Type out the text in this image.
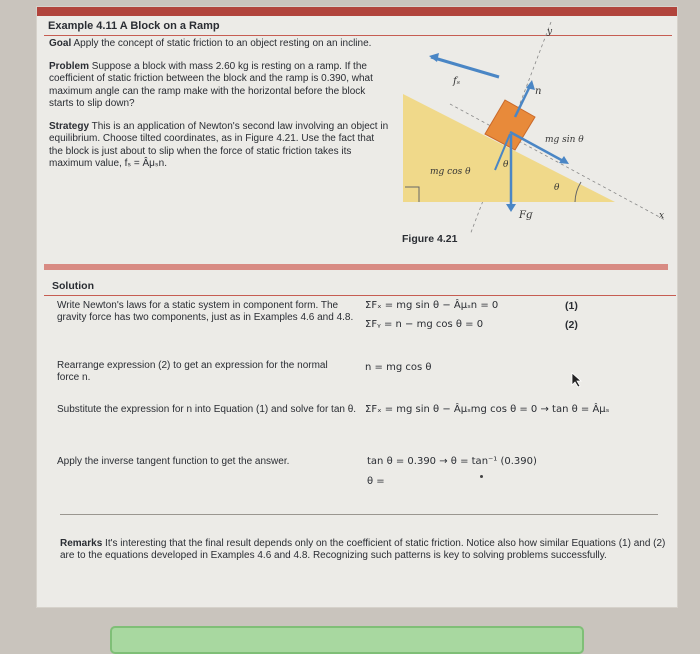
Example 4.11 A Block on a Ramp

Goal Apply the concept of static friction to an object resting on an incline.

Problem Suppose a block with mass 2.60 kg is resting on a ramp. If the coefficient of static friction between the block and the ramp is 0.390, what maximum angle can the ramp make with the horizontal before the block starts to slip down?

Strategy This is an application of Newton's second law involving an object in equilibrium. Choose tilted coordinates, as in Figure 4.21. Use the fact that the block is just about to slip when the force of static friction takes its maximum value, fₛ = Âμₛn.

fₛ
n
mg sin θ
mg cos θ
θ
θ
Fɡ	x
y
Figure 4.21
Solution
Write Newton's laws for a static system in component form. The gravity force has two components, just as in Examples 4.6 and 4.8.
ΣFₓ = mg sin θ − Âμₛn = 0	(1)
ΣFᵧ = n − mg cos θ = 0	(2)
Rearrange expression (2) to get an expression for the normal force n.
n = mg cos θ
Substitute the expression for n into Equation (1) and solve for tan θ. ΣFₓ = mg sin θ − Âμₛmg cos θ = 0 → tan θ = Âμₛ
Apply the inverse tangent function to get the answer.	tan θ = 0.390 → θ = tan⁻¹ (0.390)
θ =
Remarks It's interesting that the final result depends only on the coefficient of static friction. Notice also how similar Equations (1) and (2) are to the equations developed in Examples 4.6 and 4.8. Recognizing such patterns is key to solving problems successfully.
